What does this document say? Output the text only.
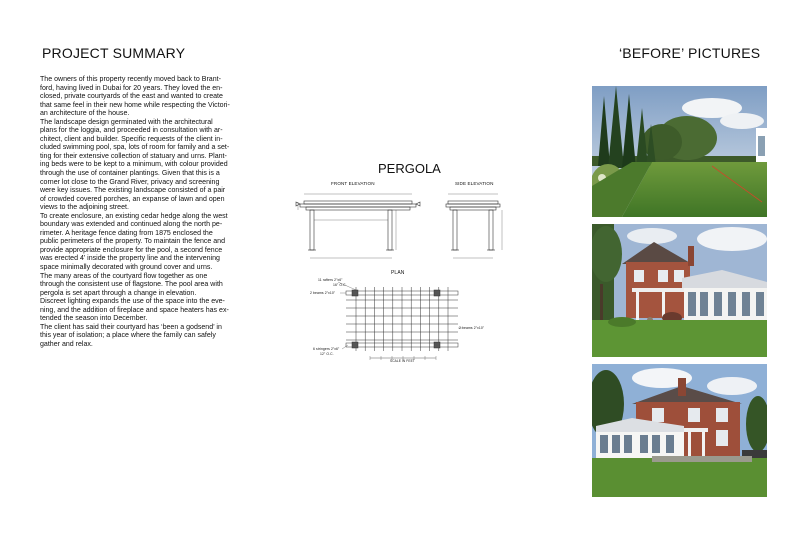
PROJECT SUMMARY	‘BEFORE’ PICTURES

The owners of this property recently moved back to Brant-

ford, having lived in Dubai for 20 years. They loved the en-

closed, private courtyards of the east and wanted to create

that same feel in their new home while respecting the Victori-

an architecture of the house.

The landscape design germinated with the architectural

plans for the loggia, and proceeded in consultation with ar-

chitect, client and builder. Specific requests of the client in-

cluded swimming pool, spa, lots of room for family and a set-

ting for their extensive collection of statuary and urns. Plant-

ing beds were to be kept to a minimum, with colour provided

through the use of container plantings. Given that this is a

corner lot close to the Grand River, privacy and screening

were key issues. The existing landscape consisted of a pair

of crowded covered porches, an expanse of lawn and open

views to the adjoining street.

To create enclosure, an existing cedar hedge along the west

boundary was extended and continued along the north pe-

rimeter. A heritage fence dating from 1875 enclosed the

public perimeters of the property. To maintain the fence and

provide appropriate enclosure for the pool, a second fence

was erected 4’ inside the property line and the intervening

space minimally decorated with ground cover and urns.

The many areas of the courtyard flow together as one

through the consistent use of flagstone. The pool area with

pergola is set apart through a change in elevation.

Discreet lighting expands the use of the space into the eve-

ning, and the addition of fireplace and space heaters has ex-

tended the season into December.

The client has said their courtyard has ‘been a godsend’ in

this year of isolation; a place where the family can safely

gather and relax.

PERGOLA
FRONT ELEVATION	SIDE ELEVATION
PLAN
11 rafters 2"x6"
16" O.C.
2 beams 2"x10"
2 beams 2"x10"
6 stringers 2"x6"
12" O.C.
SCALE IN FEET
